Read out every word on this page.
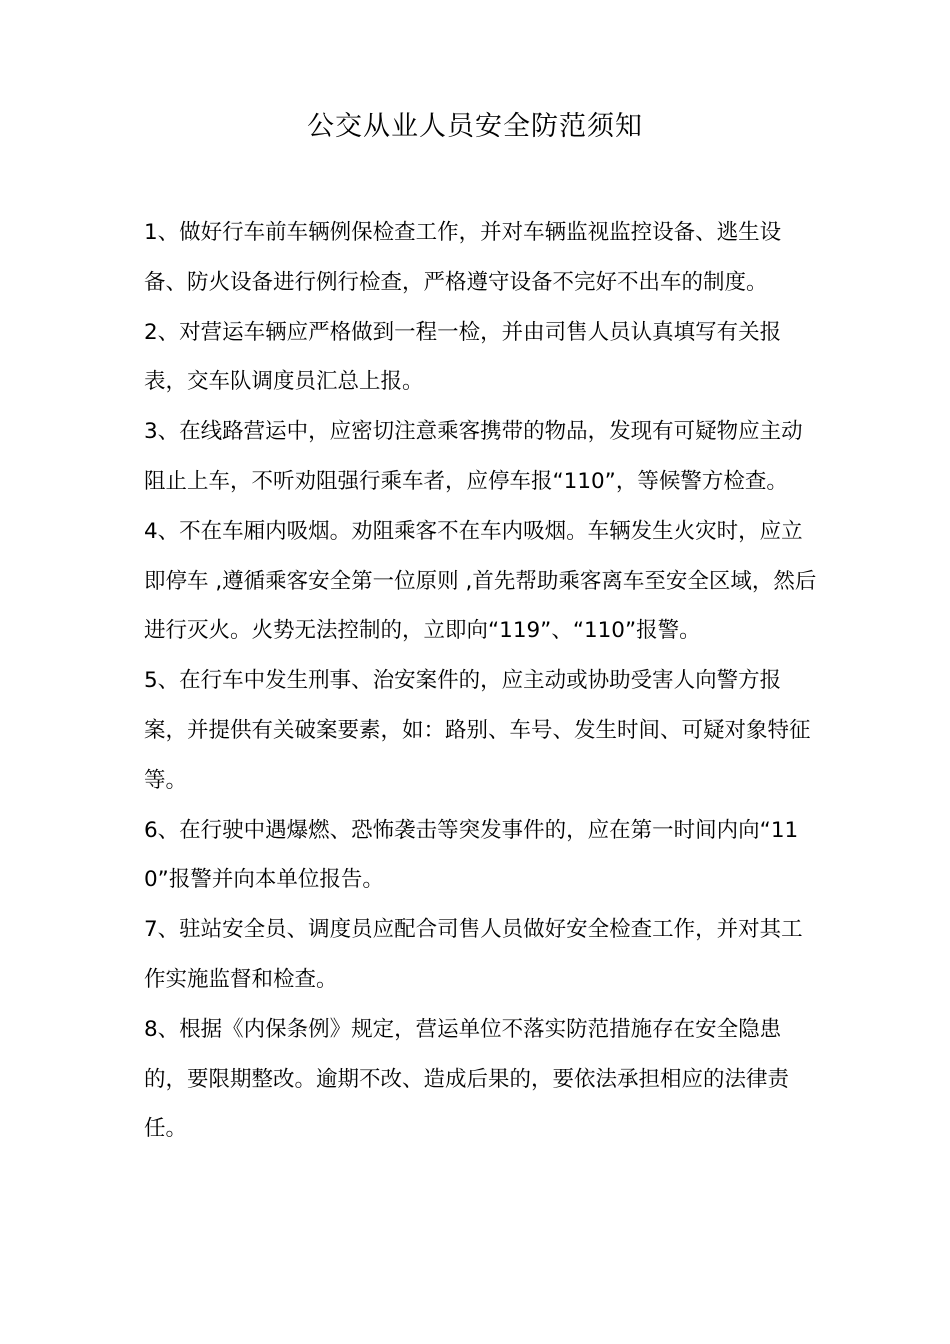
公交从业人员安全防范须知

1、做好行车前车辆例保检查工作，并对车辆监视监控设备、逃生设备、防火设备进行例行检查，严格遵守设备不完好不出车的制度。

2、对营运车辆应严格做到一程一检，并由司售人员认真填写有关报表，交车队调度员汇总上报。

3、在线路营运中，应密切注意乘客携带的物品，发现有可疑物应主动阻止上车，不听劝阻强行乘车者，应停车报“110”，等候警方检查。

4、不在车厢内吸烟。劝阻乘客不在车内吸烟。车辆发生火灾时，应立即停车 ,遵循乘客安全第一位原则 ,首先帮助乘客离车至安全区域，然后进行灭火。火势无法控制的，立即向“119”、“110”报警。

5、在行车中发生刑事、治安案件的，应主动或协助受害人向警方报案，并提供有关破案要素，如：路别、车号、发生时间、可疑对象特征等。

6、在行驶中遇爆燃、恐怖袭击等突发事件的，应在第一时间内向“110”报警并向本单位报告。

7、驻站安全员、调度员应配合司售人员做好安全检查工作，并对其工作实施监督和检查。

8、根据《内保条例》规定，营运单位不落实防范措施存在安全隐患的，要限期整改。逾期不改、造成后果的，要依法承担相应的法律责任。
